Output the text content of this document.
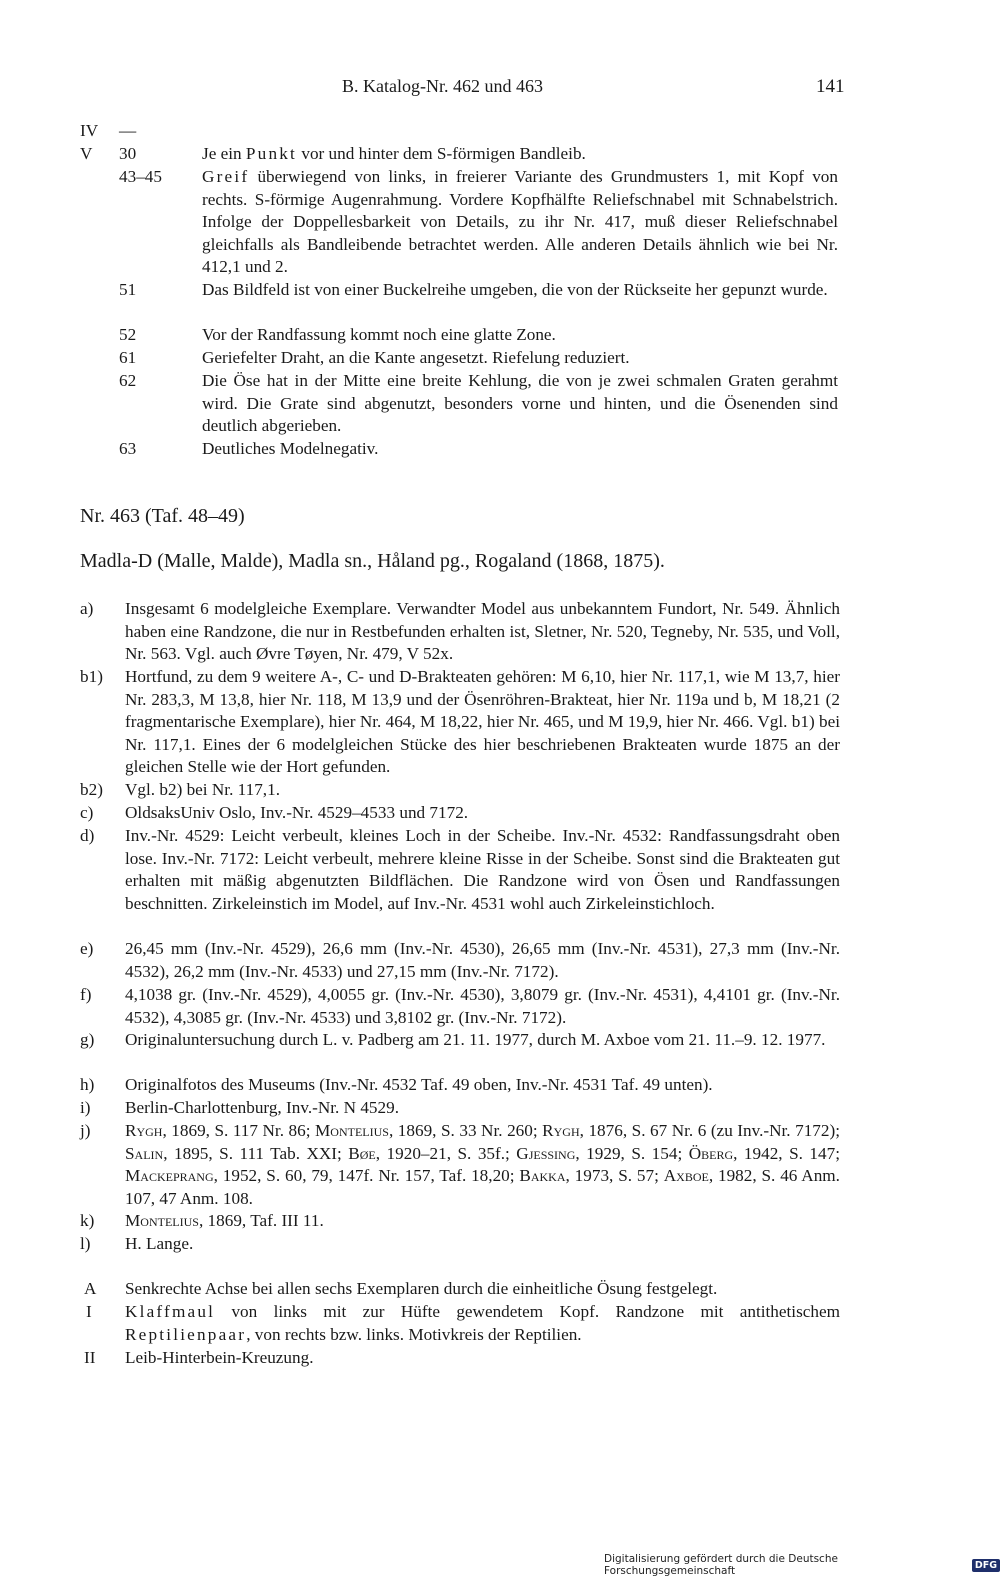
B. Katalog-Nr. 462 und 463	141
IV —
V 30	Je ein Punkt vor und hinter dem S-förmigen Bandleib.
43–45 Greif überwiegend von links, in freierer Variante des Grundmusters 1, mit Kopf von rechts. S-förmige Augenrahmung. Vordere Kopfhälfte Reliefschnabel mit Schnabelstrich. Infolge der Doppellesbarkeit von Details, zu ihr Nr. 417, muß dieser Reliefschnabel gleichfalls als Bandleibende betrachtet werden. Alle anderen Details ähnlich wie bei Nr. 412,1 und 2.
51	Das Bildfeld ist von einer Buckelreihe umgeben, die von der Rückseite her gepunzt wurde.
52	Vor der Randfassung kommt noch eine glatte Zone.
61	Geriefelter Draht, an die Kante angesetzt. Riefelung reduziert.
62	Die Öse hat in der Mitte eine breite Kehlung, die von je zwei schmalen Graten gerahmt wird. Die Grate sind abgenutzt, besonders vorne und hinten, und die Ösenenden sind deutlich abgerieben.
63	Deutliches Modelnegativ.
Nr. 463 (Taf. 48–49)
Madla-D (Malle, Malde), Madla sn., Håland pg., Rogaland (1868, 1875).
a) Insgesamt 6 modelgleiche Exemplare. Verwandter Model aus unbekanntem Fundort, Nr. 549. Ähnlich haben eine Randzone, die nur in Restbefunden erhalten ist, Sletner, Nr. 520, Tegneby, Nr. 535, und Voll, Nr. 563. Vgl. auch Øvre Tøyen, Nr. 479, V 52x.
b1) Hortfund, zu dem 9 weitere A-, C- und D-Brakteaten gehören: M 6,10, hier Nr. 117,1, wie M 13,7, hier Nr. 283,3, M 13,8, hier Nr. 118, M 13,9 und der Ösenröhren-Brakteat, hier Nr. 119a und b, M 18,21 (2 fragmentarische Exemplare), hier Nr. 464, M 18,22, hier Nr. 465, und M 19,9, hier Nr. 466. Vgl. b1) bei Nr. 117,1. Eines der 6 modelgleichen Stücke des hier beschriebenen Brakteaten wurde 1875 an der gleichen Stelle wie der Hort gefunden.
b2) Vgl. b2) bei Nr. 117,1.
c) OldsaksUniv Oslo, Inv.-Nr. 4529–4533 und 7172.
d) Inv.-Nr. 4529: Leicht verbeult, kleines Loch in der Scheibe. Inv.-Nr. 4532: Randfassungsdraht oben lose. Inv.-Nr. 7172: Leicht verbeult, mehrere kleine Risse in der Scheibe. Sonst sind die Brakteaten gut erhalten mit mäßig abgenutzten Bildflächen. Die Randzone wird von Ösen und Randfassungen beschnitten. Zirkeleinstich im Model, auf Inv.-Nr. 4531 wohl auch Zirkeleinstichloch.
e) 26,45 mm (Inv.-Nr. 4529), 26,6 mm (Inv.-Nr. 4530), 26,65 mm (Inv.-Nr. 4531), 27,3 mm (Inv.-Nr. 4532), 26,2 mm (Inv.-Nr. 4533) und 27,15 mm (Inv.-Nr. 7172).
f) 4,1038 gr. (Inv.-Nr. 4529), 4,0055 gr. (Inv.-Nr. 4530), 3,8079 gr. (Inv.-Nr. 4531), 4,4101 gr. (Inv.-Nr. 4532), 4,3085 gr. (Inv.-Nr. 4533) und 3,8102 gr. (Inv.-Nr. 7172).
g) Originaluntersuchung durch L. v. Padberg am 21. 11. 1977, durch M. Axboe vom 21. 11.–9. 12. 1977.
h) Originalfotos des Museums (Inv.-Nr. 4532 Taf. 49 oben, Inv.-Nr. 4531 Taf. 49 unten).
i) Berlin-Charlottenburg, Inv.-Nr. N 4529.
j) Rygh, 1869, S. 117 Nr. 86; Montelius, 1869, S. 33 Nr. 260; Rygh, 1876, S. 67 Nr. 6 (zu Inv.-Nr. 7172); Salin, 1895, S. 111 Tab. XXI; Bøe, 1920–21, S. 35f.; Gjessing, 1929, S. 154; Öberg, 1942, S. 147; Mackeprang, 1952, S. 60, 79, 147f. Nr. 157, Taf. 18,20; Bakka, 1973, S. 57; Axboe, 1982, S. 46 Anm. 107, 47 Anm. 108.
k) Montelius, 1869, Taf. III 11.
l) H. Lange.
A Senkrechte Achse bei allen sechs Exemplaren durch die einheitliche Ösung festgelegt.
I Klaffmaul von links mit zur Hüfte gewendetem Kopf. Randzone mit antithetischem Reptilienpaar, von rechts bzw. links. Motivkreis der Reptilien.
II Leib-Hinterbein-Kreuzung.
Digitalisierung gefördert durch die Deutsche Forschungsgemeinschaft	DFG
